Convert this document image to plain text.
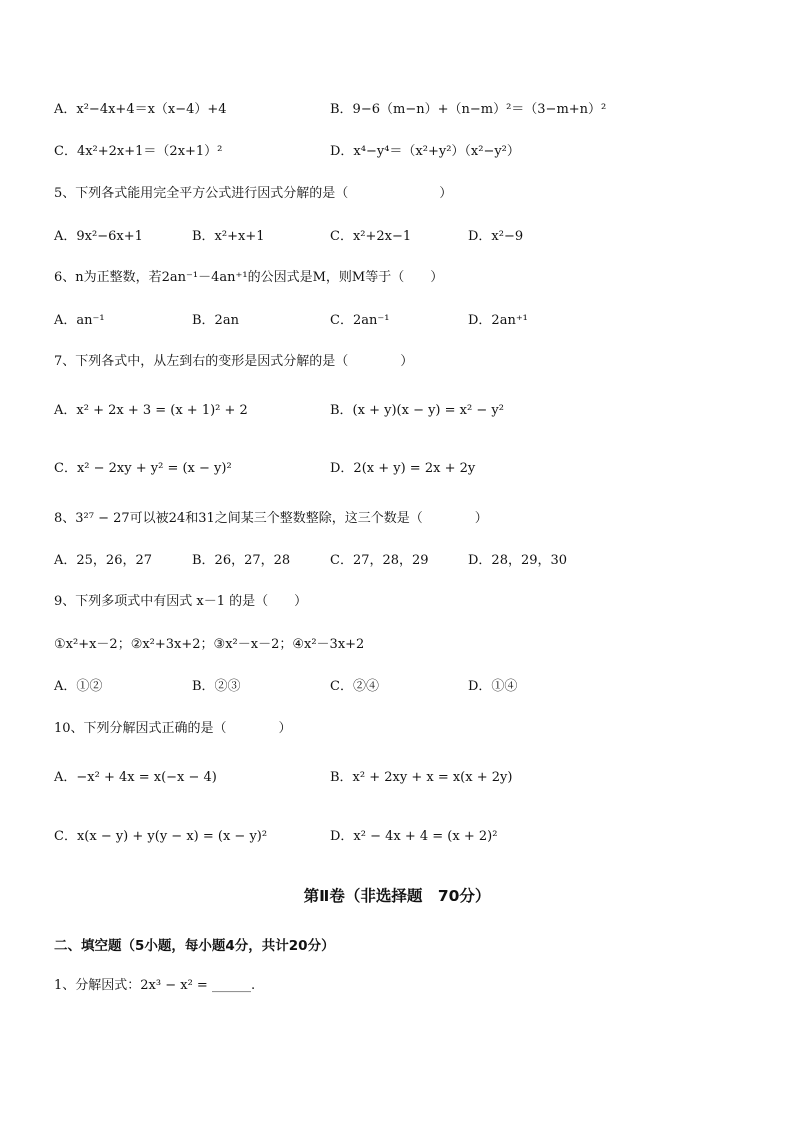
A．x²−4x+4＝x（x−4）+4	B．9−6（m−n）+（n−m）²＝（3−m+n）²
C．4x²+2x+1＝（2x+1）²	D．x⁴−y⁴＝（x²+y²）（x²−y²）
5、下列各式能用完全平方公式进行因式分解的是（　　　　　　　）
A．9x²−6x+1	B．x²+x+1	C．x²+2x−1	D．x²−9
6、n为正整数，若2an⁻¹－4an⁺¹的公因式是M，则M等于（　　）
A．an⁻¹	B．2an	C．2an⁻¹	D．2an⁺¹
7、下列各式中，从左到右的变形是因式分解的是（　　　　）
A．x² + 2x + 3 = (x + 1)² + 2	B．(x + y)(x − y) = x² − y²
C．x² − 2xy + y² = (x − y)²	D．2(x + y) = 2x + 2y
8、3²⁷ − 27可以被24和31之间某三个整数整除，这三个数是（　　　　）
A．25，26，27	B．26，27，28	C．27，28，29	D．28，29，30
9、下列多项式中有因式 x－1 的是（　　）
①x²+x－2；②x²+3x+2；③x²－x－2；④x²－3x+2
A．①②	B．②③	C．②④	D．①④
10、下列分解因式正确的是（　　　　）
A．−x² + 4x = x(−x − 4)	B．x² + 2xy + x = x(x + 2y)
C．x(x − y) + y(y − x) = (x − y)²	D．x² − 4x + 4 = (x + 2)²
第Ⅱ卷（非选择题　70分）
二、填空题（5小题，每小题4分，共计20分）
1、分解因式：2x³ − x² = ______.
